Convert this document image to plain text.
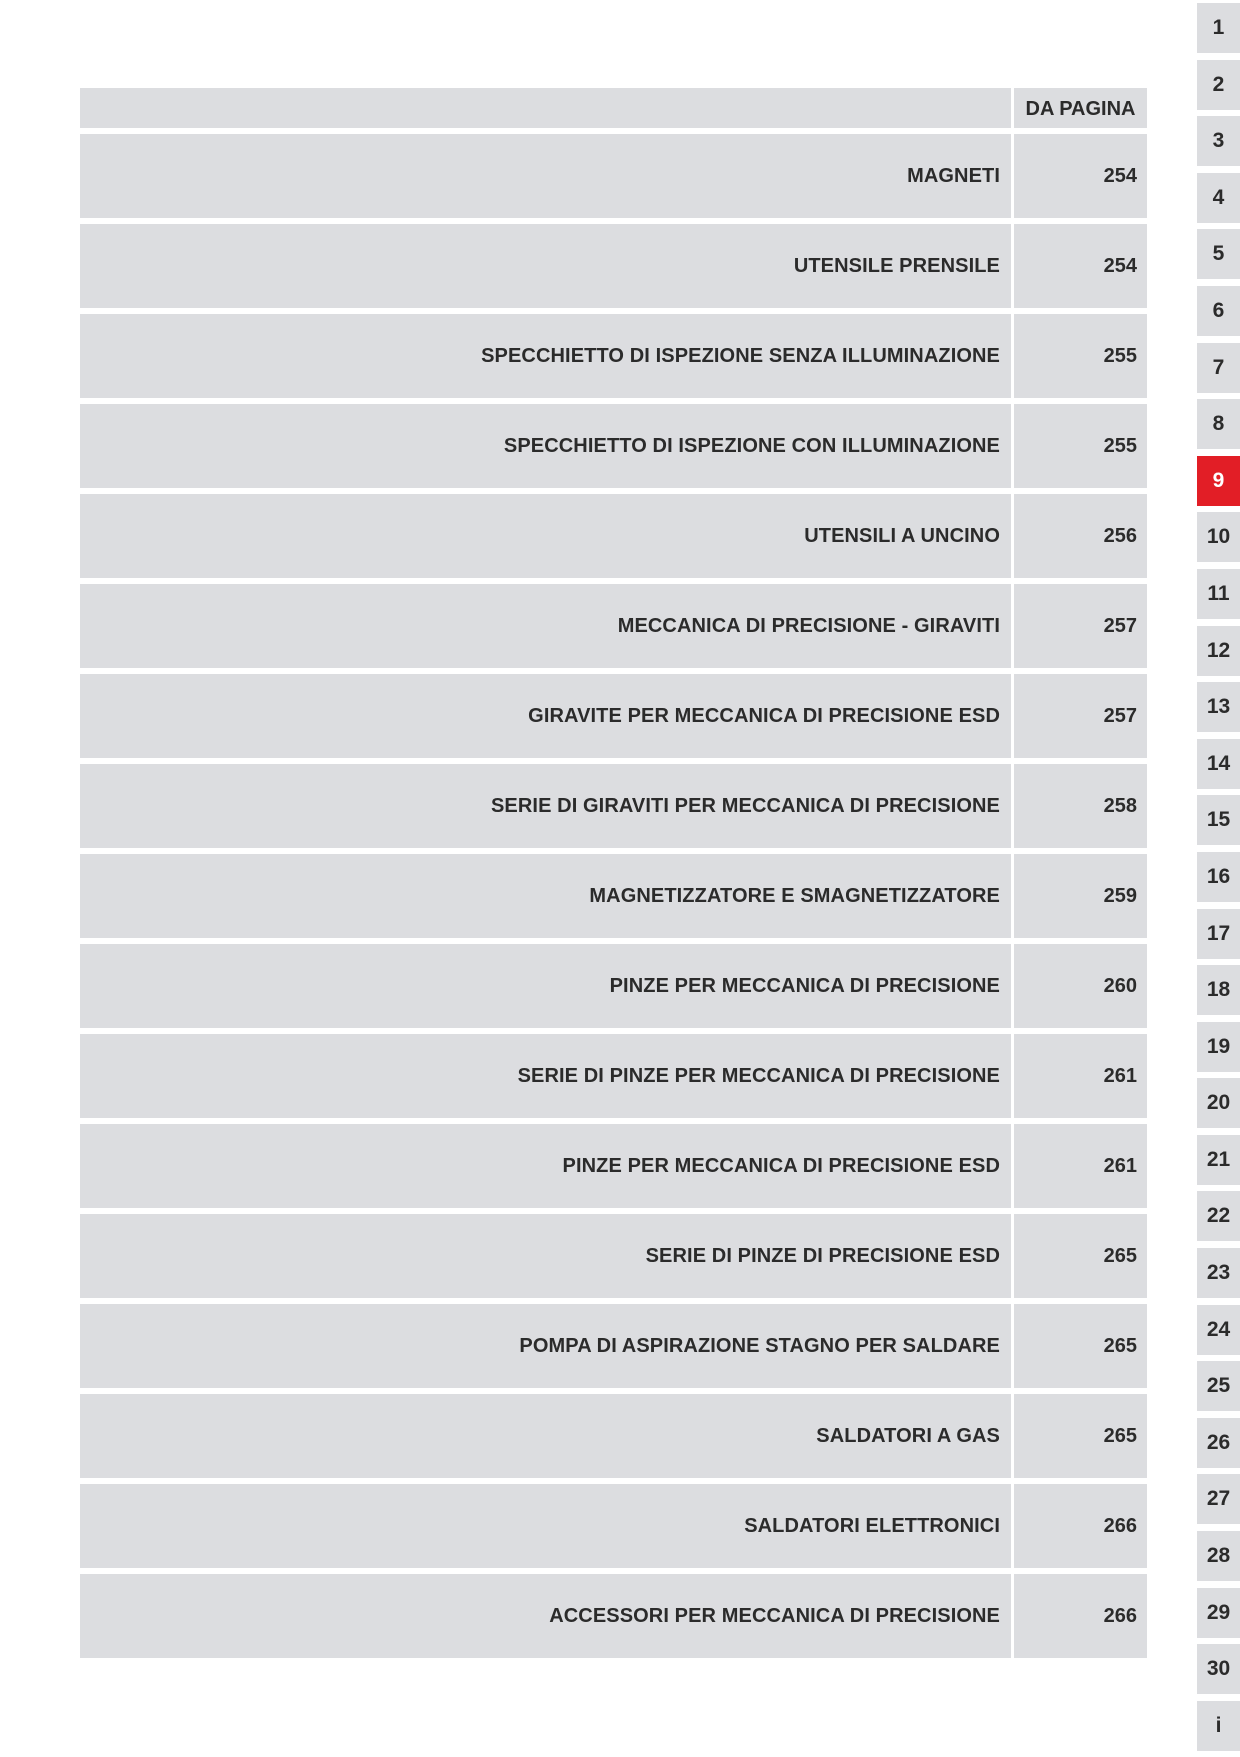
DA PAGINA
MAGNETI	254
UTENSILE PRENSILE	254
SPECCHIETTO DI ISPEZIONE SENZA ILLUMINAZIONE	255
SPECCHIETTO DI ISPEZIONE CON ILLUMINAZIONE	255
UTENSILI A UNCINO	256
MECCANICA DI PRECISIONE - GIRAVITI	257
GIRAVITE PER MECCANICA DI PRECISIONE ESD	257
SERIE DI GIRAVITI PER MECCANICA DI PRECISIONE	258
MAGNETIZZATORE E SMAGNETIZZATORE	259
PINZE PER MECCANICA DI PRECISIONE	260
SERIE DI PINZE PER MECCANICA DI PRECISIONE	261
PINZE PER MECCANICA DI PRECISIONE ESD	261
SERIE DI PINZE DI PRECISIONE ESD	265
POMPA DI ASPIRAZIONE STAGNO PER SALDARE	265
SALDATORI A GAS	265
SALDATORI ELETTRONICI	266
ACCESSORI PER MECCANICA DI PRECISIONE	266
1
2
3
4
5
6
7
8
9
10
11
12
13
14
15
16
17
18
19
20
21
22
23
24
25
26
27
28
29
30
i
